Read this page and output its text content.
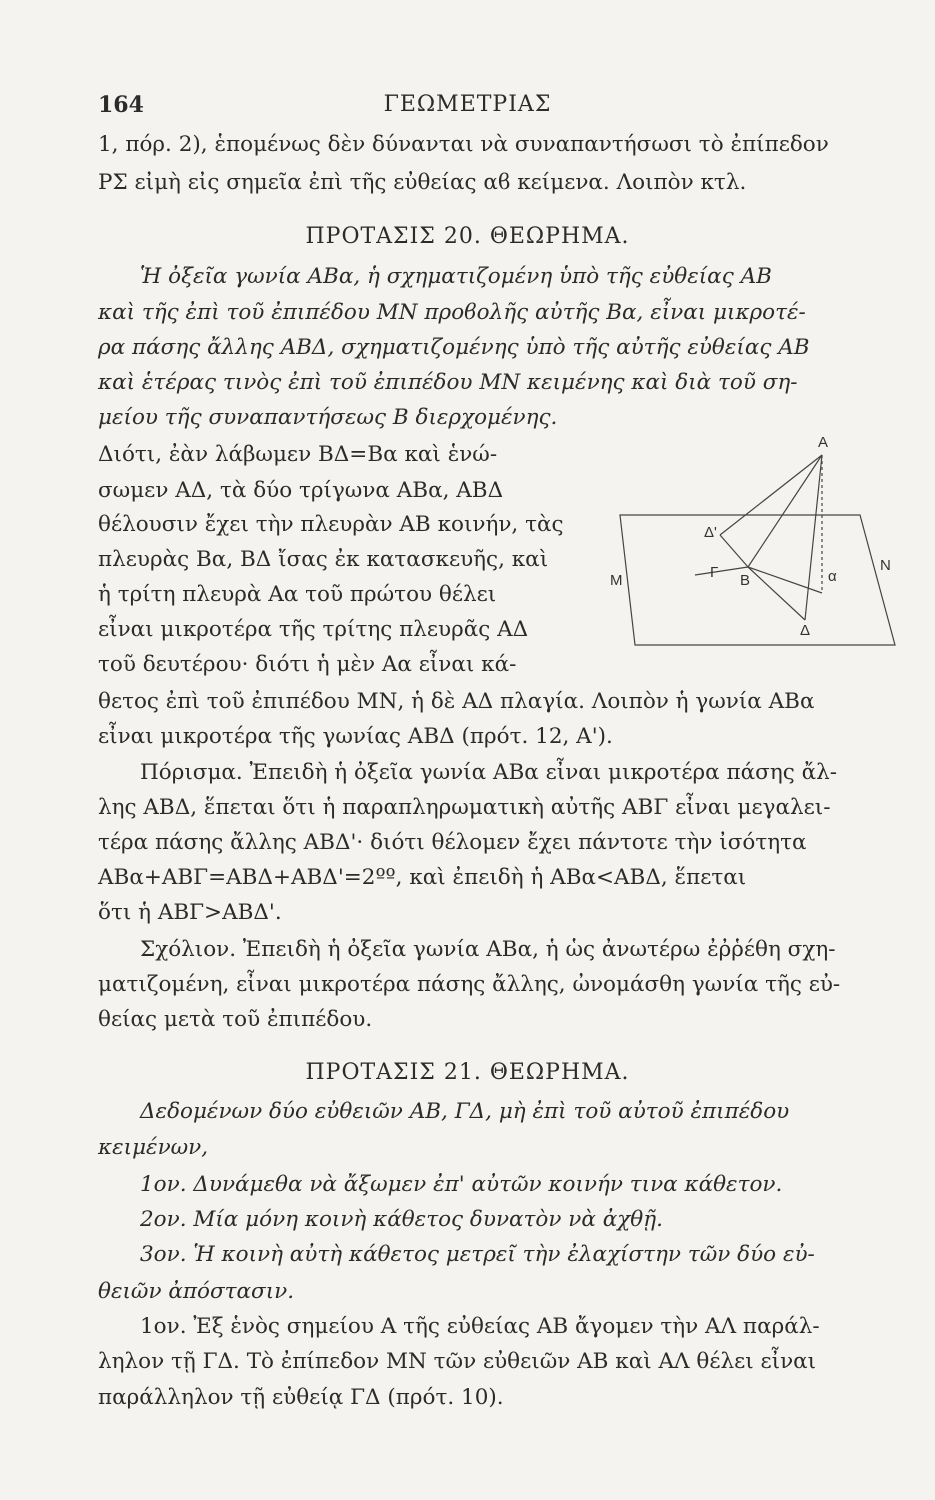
164	ΓΕΩΜΕΤΡΙΑΣ
1, πόρ. 2), ἑπομένως δὲν δύνανται νὰ συναπαντήσωσι τὸ ἐπίπεδον
ΡΣ εἰμὴ εἰς σημεῖα ἐπὶ τῆς εὐθείας αϐ κείμενα. Λοιπὸν κτλ.
ΠΡΟΤΑΣΙΣ 20. ΘΕΩΡΗΜΑ.
Ἡ ὀξεῖα γωνία ΑΒα, ἡ σχηματιζομένη ὑπὸ τῆς εὐθείας ΑΒ
καὶ τῆς ἐπὶ τοῦ ἐπιπέδου ΜΝ προϐολῆς αὐτῆς Βα, εἶναι μικροτέ-
ρα πάσης ἄλλης ΑΒΔ, σχηματιζομένης ὑπὸ τῆς αὐτῆς εὐθείας ΑΒ
καὶ ἑτέρας τινὸς ἐπὶ τοῦ ἐπιπέδου ΜΝ κειμένης καὶ διὰ τοῦ ση-
μείου τῆς συναπαντήσεως Β διερχομένης.
Διότι, ἐὰν λάβωμεν ΒΔ=Βα καὶ ἑνώ-
σωμεν ΑΔ, τὰ δύο τρίγωνα ΑΒα, ΑΒΔ
θέλουσιν ἔχει τὴν πλευρὰν ΑΒ κοινήν, τὰς
πλευρὰς Βα, ΒΔ ἴσας ἐκ κατασκευῆς, καὶ
ἡ τρίτη πλευρὰ Αα τοῦ πρώτου θέλει
εἶναι μικροτέρα τῆς τρίτης πλευρᾶς ΑΔ
τοῦ δευτέρου· διότι ἡ μὲν Αα εἶναι κά-
θετος ἐπὶ τοῦ ἐπιπέδου ΜΝ, ἡ δὲ ΑΔ πλαγία. Λοιπὸν ἡ γωνία ΑΒα
εἶναι μικροτέρα τῆς γωνίας ΑΒΔ (πρότ. 12, Α').
Πόρισμα. Ἐπειδὴ ἡ ὀξεῖα γωνία ΑΒα εἶναι μικροτέρα πάσης ἄλ-
λης ΑΒΔ, ἕπεται ὅτι ἡ παραπληρωματικὴ αὐτῆς ΑΒΓ εἶναι μεγαλει-
τέρα πάσης ἄλλης ΑΒΔ'· διότι θέλομεν ἔχει πάντοτε τὴν ἰσότητα
ΑΒα+ΑΒΓ=ΑΒΔ+ΑΒΔ'=2ºº, καὶ ἐπειδὴ ἡ ΑΒα<ΑΒΔ, ἕπεται
ὅτι ἡ ΑΒΓ>ΑΒΔ'.
Σχόλιον. Ἐπειδὴ ἡ ὀξεῖα γωνία ΑΒα, ἡ ὡς ἀνωτέρω ἐῤῥέθη σχη-
ματιζομένη, εἶναι μικροτέρα πάσης ἄλλης, ὠνομάσθη γωνία τῆς εὐ-
θείας μετὰ τοῦ ἐπιπέδου.
ΠΡΟΤΑΣΙΣ 21. ΘΕΩΡΗΜΑ.
Δεδομένων δύο εὐθειῶν ΑΒ, ΓΔ, μὴ ἐπὶ τοῦ αὐτοῦ ἐπιπέδου
κειμένων,
1ον. Δυνάμεθα νὰ ἄξωμεν ἐπ' αὐτῶν κοινήν τινα κάθετον.
2ον. Μία μόνη κοινὴ κάθετος δυνατὸν νὰ ἀχθῇ.
3ον. Ἡ κοινὴ αὐτὴ κάθετος μετρεῖ τὴν ἐλαχίστην τῶν δύο εὐ-
θειῶν ἀπόστασιν.
1ον. Ἐξ ἑνὸς σημείου Α τῆς εὐθείας ΑΒ ἄγομεν τὴν ΑΛ παράλ-
ληλον τῇ ΓΔ. Τὸ ἐπίπεδον ΜΝ τῶν εὐθειῶν ΑΒ καὶ ΑΛ θέλει εἶναι
παράλληλον τῇ εὐθείᾳ ΓΔ (πρότ. 10).
Α
Δ'
Μ	Γ Β	α
Ν
Δ
